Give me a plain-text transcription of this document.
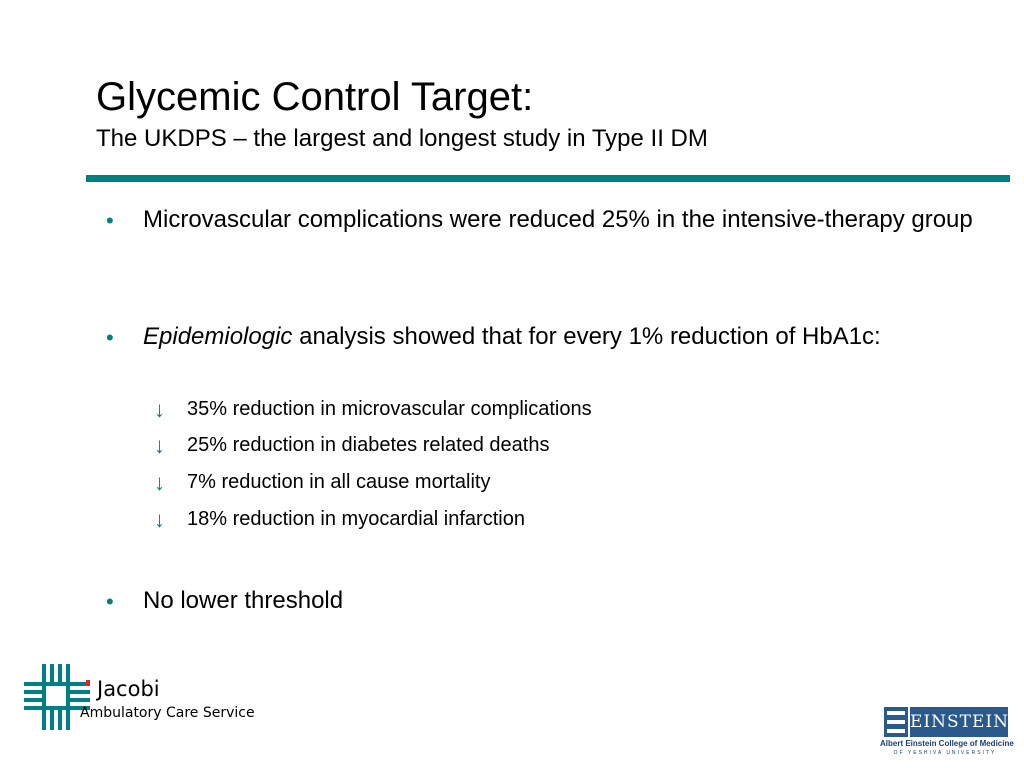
Glycemic Control Target:
The UKDPS – the largest and longest study in Type II DM
• Microvascular complications were reduced 25% in the intensive-therapy group
• Epidemiologic analysis showed that for every 1% reduction of HbA1c:
↓ 35% reduction in microvascular complications
↓ 25% reduction in diabetes related deaths
↓ 7% reduction in all cause mortality
↓ 18% reduction in myocardial infarction
• No lower threshold
Jacobi
Ambulatory Care Service	EINSTEIN
Albert Einstein College of Medicine
OF YESHIVA UNIVERSITY
